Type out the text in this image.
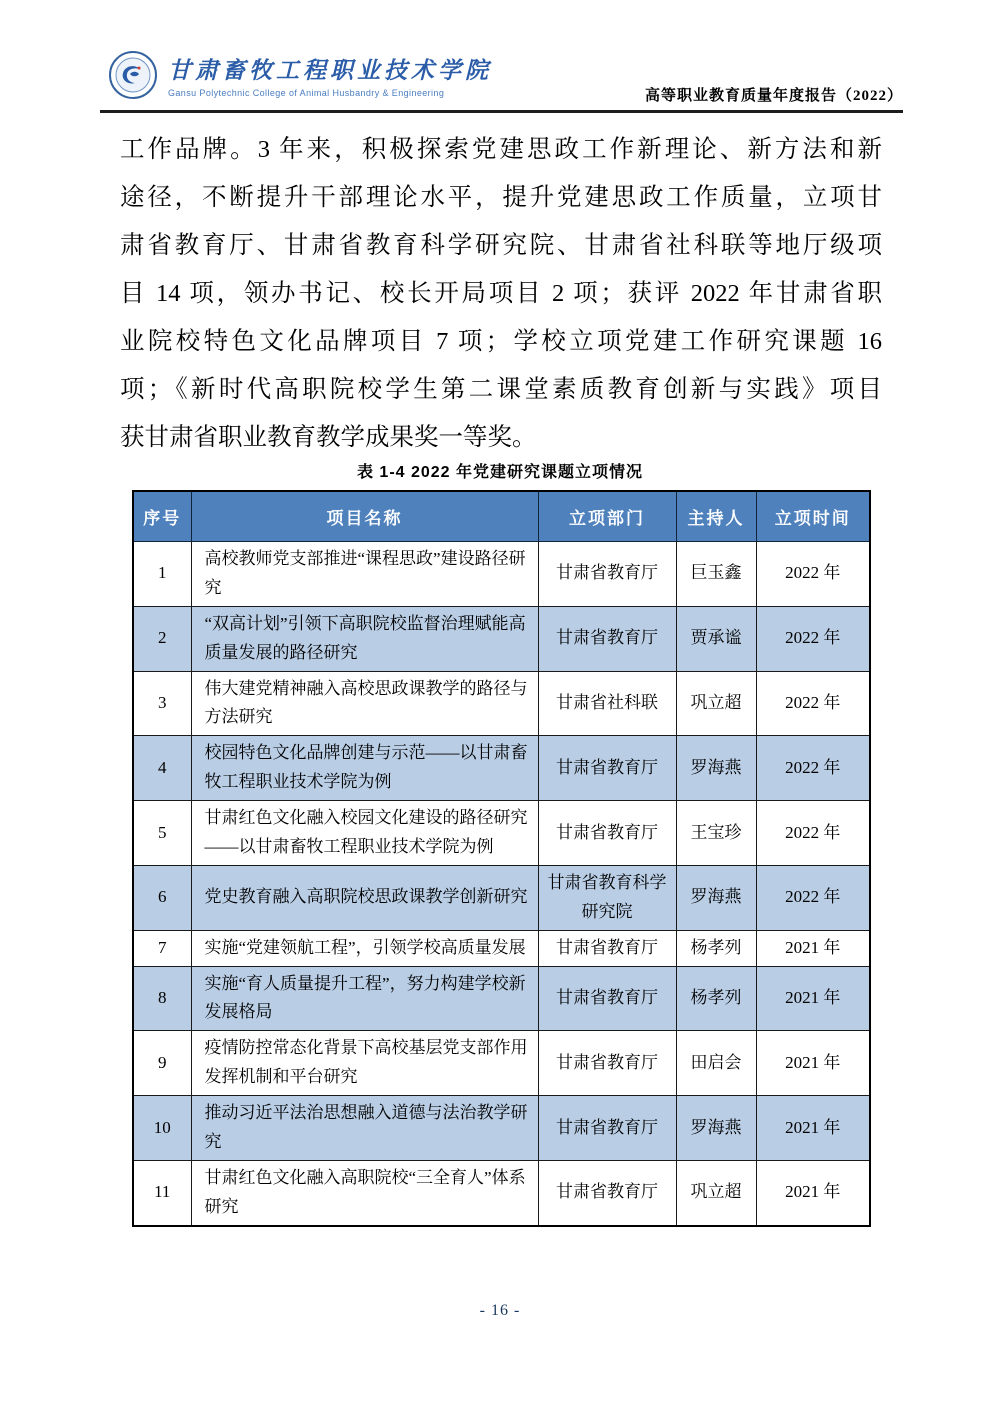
甘肃畜牧工程职业技术学院
Gansu Polytechnic College of Animal Husbandry & Engineering	高等职业教育质量年度报告（2022）
工作品牌。3 年来，积极探索党建思政工作新理论、新方法和新
途径，不断提升干部理论水平，提升党建思政工作质量，立项甘
肃省教育厅、甘肃省教育科学研究院、甘肃省社科联等地厅级项
目 14 项，领办书记、校长开局项目 2 项；获评 2022 年甘肃省职
业院校特色文化品牌项目 7 项；学校立项党建工作研究课题 16
项；《新时代高职院校学生第二课堂素质教育创新与实践》项目
获甘肃省职业教育教学成果奖一等奖。
表 1-4 2022 年党建研究课题立项情况
序号	项目名称	立项部门	主持人	立项时间
1	高校教师党支部推进“课程思政”建设路径研究	甘肃省教育厅	巨玉鑫	2022 年
2	“双高计划”引领下高职院校监督治理赋能高质量发展的路径研究	甘肃省教育厅	贾承谧	2022 年
3	伟大建党精神融入高校思政课教学的路径与方法研究	甘肃省社科联	巩立超	2022 年
4	校园特色文化品牌创建与示范——以甘肃畜牧工程职业技术学院为例	甘肃省教育厅	罗海燕	2022 年
5	甘肃红色文化融入校园文化建设的路径研究——以甘肃畜牧工程职业技术学院为例	甘肃省教育厅	王宝珍	2022 年
6	党史教育融入高职院校思政课教学创新研究	甘肃省教育科学研究院	罗海燕	2022 年
7	实施“党建领航工程”，引领学校高质量发展	甘肃省教育厅	杨孝列	2021 年
8	实施“育人质量提升工程”，努力构建学校新发展格局	甘肃省教育厅	杨孝列	2021 年
9	疫情防控常态化背景下高校基层党支部作用发挥机制和平台研究	甘肃省教育厅	田启会	2021 年
10	推动习近平法治思想融入道德与法治教学研究	甘肃省教育厅	罗海燕	2021 年
11	甘肃红色文化融入高职院校“三全育人”体系研究	甘肃省教育厅	巩立超	2021 年
- 16 -
